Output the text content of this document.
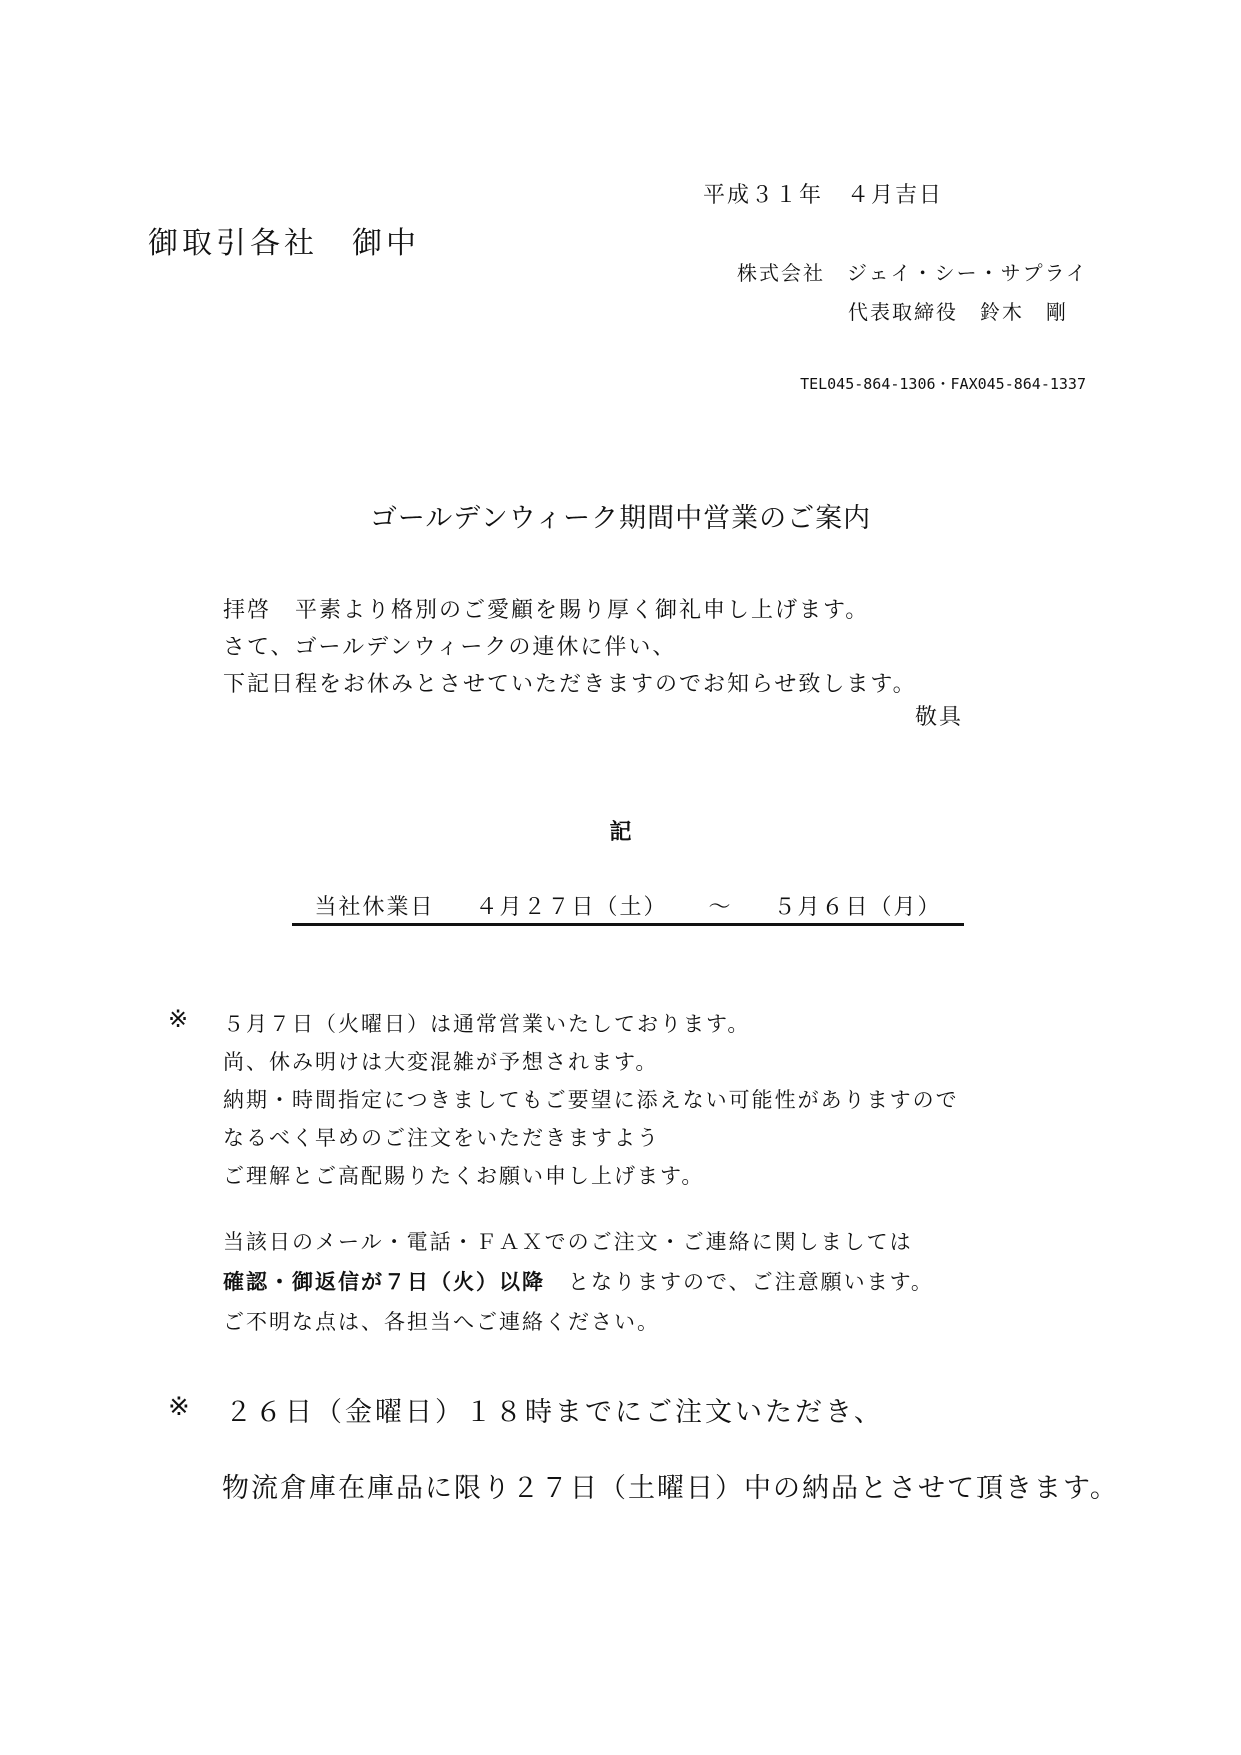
平成３１年　４月吉日
御取引各社　御中
株式会社　ジェイ・シー・サプライ
代表取締役　鈴木　剛
TEL045-864-1306・FAX045-864-1337
ゴールデンウィーク期間中営業のご案内
拝啓　平素より格別のご愛顧を賜り厚く御礼申し上げます。
さて、ゴールデンウィークの連休に伴い、
下記日程をお休みとさせていただきますのでお知らせ致します。
敬具
記
当社休業日 ４月２７日（土） ～ ５月６日（月）
※ ５月７日（火曜日）は通常営業いたしております。
尚、休み明けは大変混雑が予想されます。
納期・時間指定につきましてもご要望に添えない可能性がありますので
なるべく早めのご注文をいただきますよう
ご理解とご高配賜りたくお願い申し上げます。
当該日のメール・電話・ＦＡＸでのご注文・ご連絡に関しましては
確認・御返信が７日（火）以降　となりますので、ご注意願います。
ご不明な点は、各担当へご連絡ください。
※ ２６日（金曜日）１８時までにご注文いただき、
物流倉庫在庫品に限り２７日（土曜日）中の納品とさせて頂きます。
